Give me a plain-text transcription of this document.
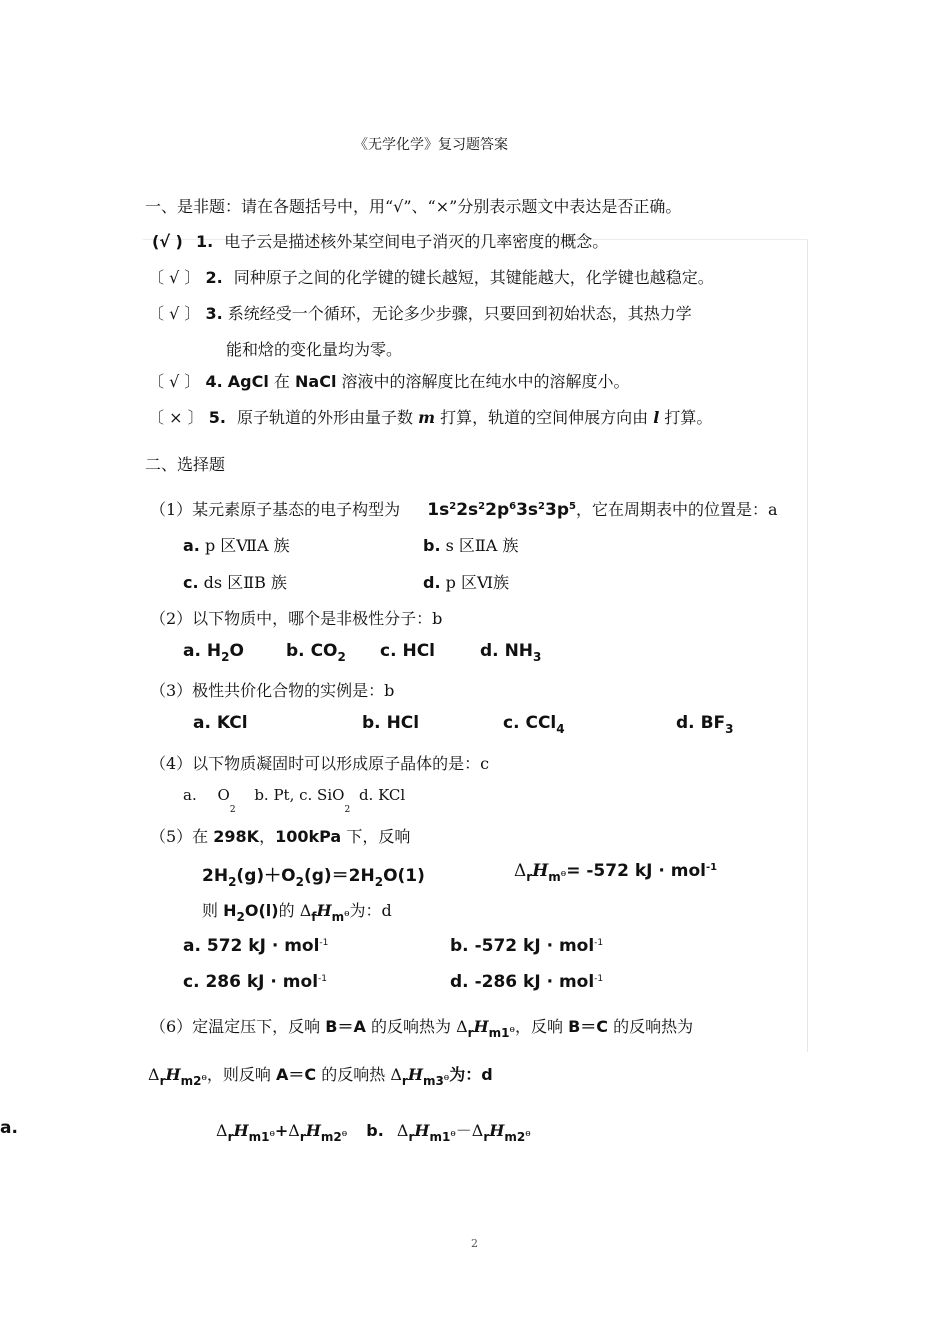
《无学化学》复习题答案
一、是非题：请在各题括号中，用“√”、“×”分别表示题文中表达是否正确。
(√ ) 1. 电子云是描述核外某空间电子消灭的几率密度的概念。
〔 √ 〕 2. 同种原子之间的化学键的键长越短，其键能越大，化学键也越稳定。
〔 √ 〕 3. 系统经受一个循环，无论多少步骤，只要回到初始状态，其热力学
能和焓的变化量均为零。
〔 √ 〕 4. AgCl 在 NaCl 溶液中的溶解度比在纯水中的溶解度小。
〔 × 〕 5. 原子轨道的外形由量子数 m 打算，轨道的空间伸展方向由 l 打算。
二、选择题
（1）某元素原子基态的电子构型为 $1s^22s^22p^63s^23p^5$，它在周期表中的位置是：a
a. p 区ⅦA 族	b. s 区ⅡA 族
c. ds 区ⅡB 族	d. p 区Ⅵ族
（2）以下物质中，哪个是非极性分子：b
a. $H_2O$ b. $CO_2$ c. HCl	d. $NH_3$
（3）极性共价化合物的实例是：b
a. KCl	b. HCl	c. CCl$_4$	d. $BF_3$
（4）以下物质凝固时可以形成原子晶体的是：c
a. $O_2$ b. Pt, c. SiO$_2$ d. KCl
（5）在 298K，100kPa 下，反响
$2H_2(g)+O_2(g)=2H_2O(1)$	$\Delta_rH_mө= -572$ kJ · mol$^{-1}$
则 $H_2O(l)$的 $\Delta_fH_mө$为：d
a. 572 kJ · mol$^{-1}$	b. -572 kJ · mol$^{-1}$
c. 286 kJ · mol$^{-1}$	d. -286 kJ · mol$^{-1}$
（6）定温定压下，反响 B＝A 的反响热为 $\Delta_rH_{m1}ө$，反响 B＝C 的反响热为
$\Delta_rH_{m2}ө$，则反响 A＝C 的反响热 $\Delta_rH_{m3}ө$为：d
a.	$\Delta_rH_{m1}ө+\Delta_rH_{m2}ө$ b. $\Delta_rH_{m1}ө-\Delta_rH_{m2}ө$
2
